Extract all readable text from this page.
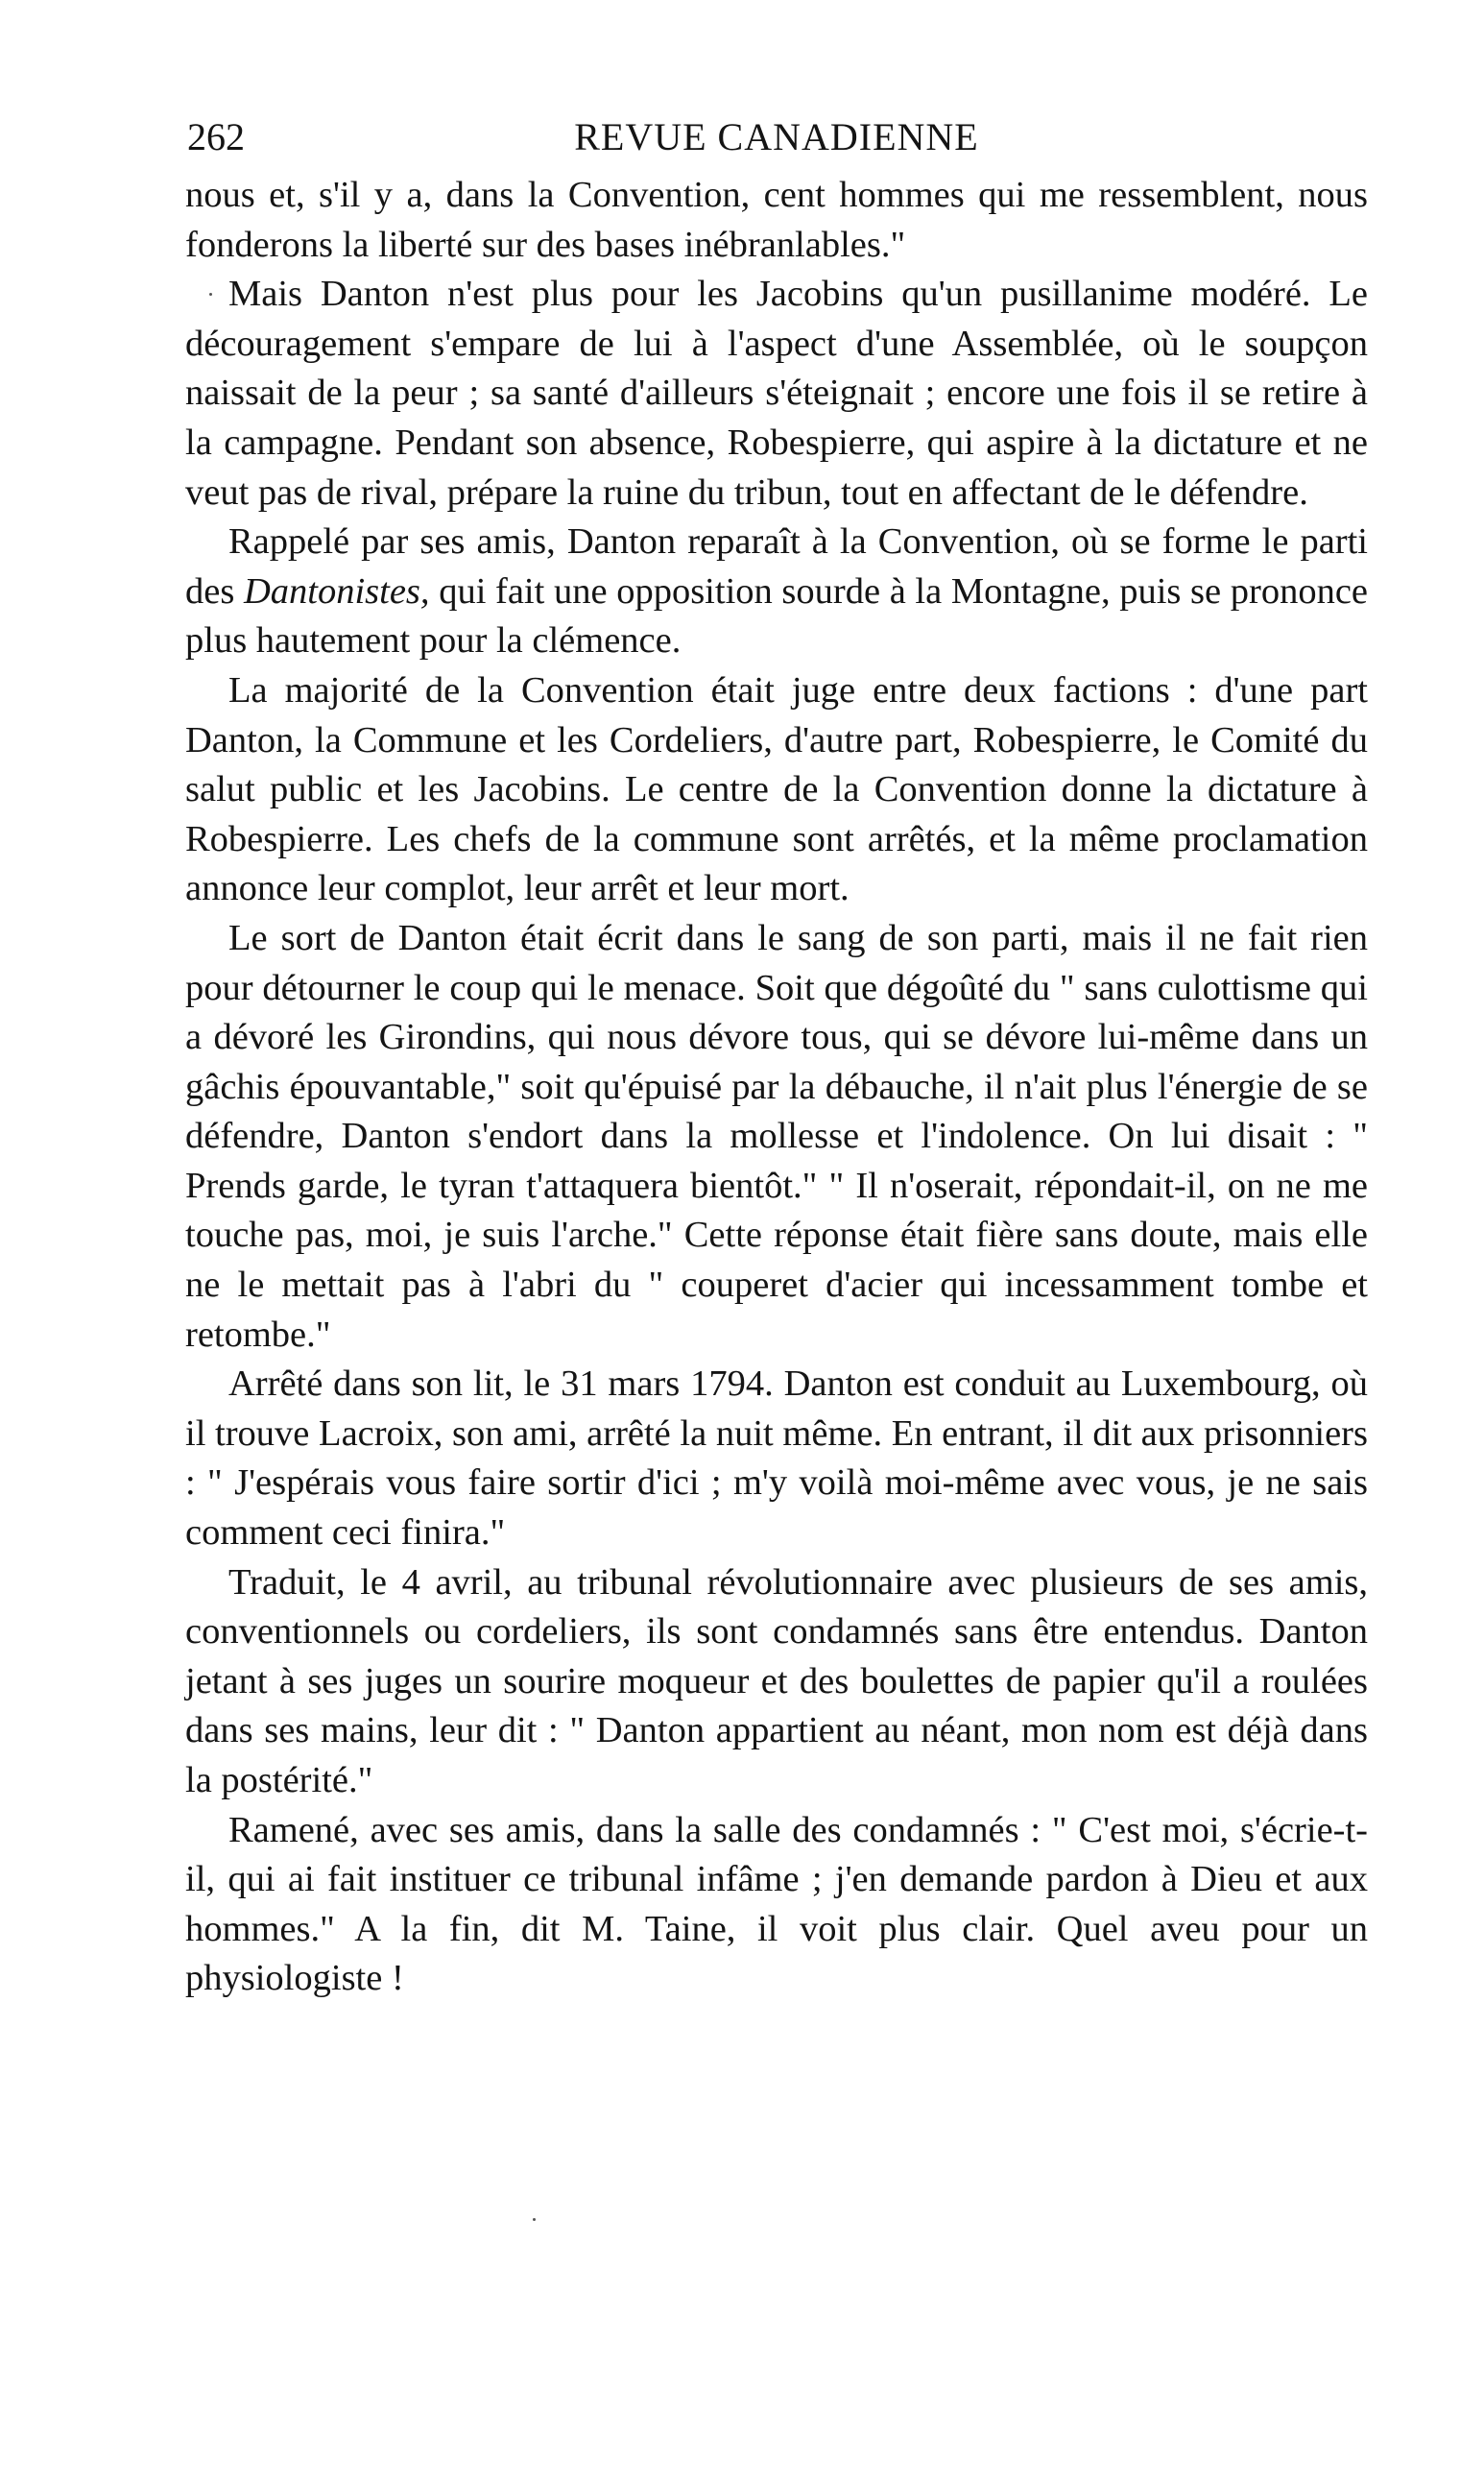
262	REVUE CANADIENNE

nous et, s'il y a, dans la Convention, cent hommes qui me ressemblent, nous fonderons la liberté sur des bases inébranlables."

Mais Danton n'est plus pour les Jacobins qu'un pusillanime modéré. Le découragement s'empare de lui à l'aspect d'une Assemblée, où le soupçon naissait de la peur ; sa santé d'ailleurs s'éteignait ; encore une fois il se retire à la campagne. Pendant son absence, Robespierre, qui aspire à la dictature et ne veut pas de rival, prépare la ruine du tribun, tout en affectant de le défendre.

Rappelé par ses amis, Danton reparaît à la Convention, où se forme le parti des Dantonistes, qui fait une opposition sourde à la Montagne, puis se prononce plus hautement pour la clémence.

La majorité de la Convention était juge entre deux factions : d'une part Danton, la Commune et les Cordeliers, d'autre part, Robespierre, le Comité du salut public et les Jacobins. Le centre de la Convention donne la dictature à Robespierre. Les chefs de la commune sont arrêtés, et la même proclamation annonce leur complot, leur arrêt et leur mort.

Le sort de Danton était écrit dans le sang de son parti, mais il ne fait rien pour détourner le coup qui le menace. Soit que dégoûté du " sans culottisme qui a dévoré les Girondins, qui nous dévore tous, qui se dévore lui-même dans un gâchis épouvantable," soit qu'épuisé par la débauche, il n'ait plus l'énergie de se défendre, Danton s'endort dans la mollesse et l'indolence. On lui disait : " Prends garde, le tyran t'attaquera bientôt." " Il n'oserait, répondait-il, on ne me touche pas, moi, je suis l'arche." Cette réponse était fière sans doute, mais elle ne le mettait pas à l'abri du " couperet d'acier qui incessamment tombe et retombe."

Arrêté dans son lit, le 31 mars 1794. Danton est conduit au Luxembourg, où il trouve Lacroix, son ami, arrêté la nuit même. En entrant, il dit aux prisonniers : " J'espérais vous faire sortir d'ici ; m'y voilà moi-même avec vous, je ne sais comment ceci finira."

Traduit, le 4 avril, au tribunal révolutionnaire avec plusieurs de ses amis, conventionnels ou cordeliers, ils sont condamnés sans être entendus. Danton jetant à ses juges un sourire moqueur et des boulettes de papier qu'il a roulées dans ses mains, leur dit : " Danton appartient au néant, mon nom est déjà dans la postérité."

Ramené, avec ses amis, dans la salle des condamnés : " C'est moi, s'écrie-t-il, qui ai fait instituer ce tribunal infâme ; j'en demande pardon à Dieu et aux hommes." A la fin, dit M. Taine, il voit plus clair. Quel aveu pour un physiologiste !
